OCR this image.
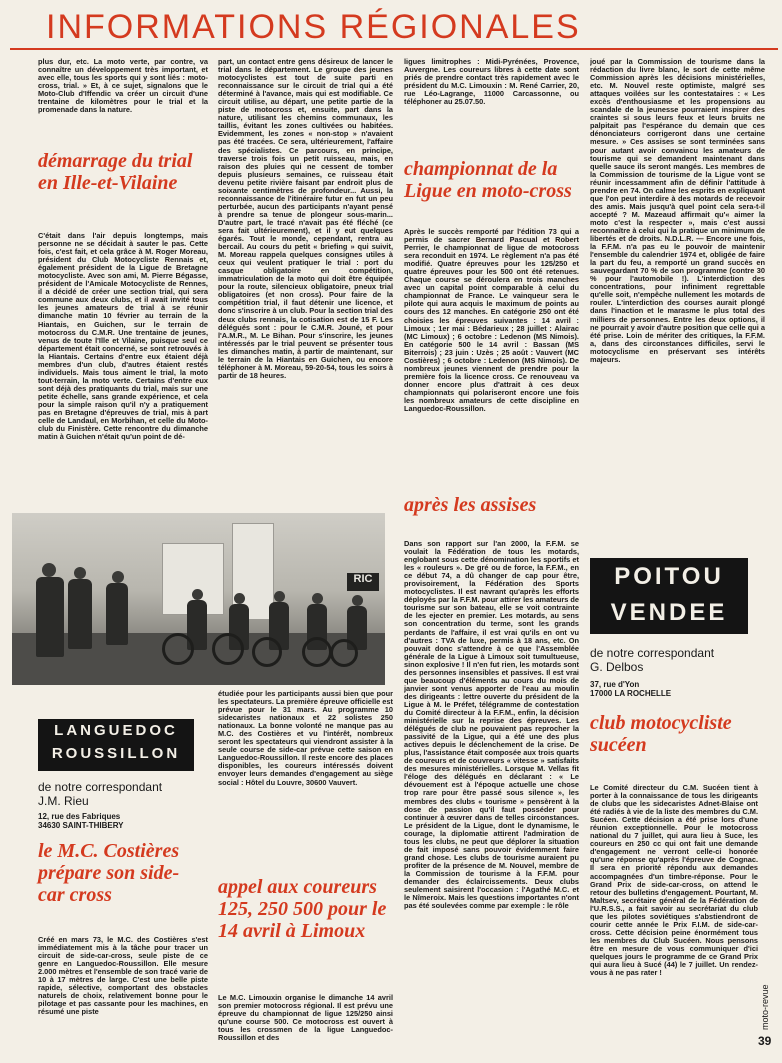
INFORMATIONS RÉGIONALES
plus dur, etc. La moto verte, par contre, va connaître un développement très important, et avec elle, tous les sports qui y sont liés : moto-cross, trial. » Et, à ce sujet, signalons que le Moto-Club d'Iffendic va créer un circuit d'une trentaine de kilomètres pour le trial et la promenade dans la nature.
démarrage du trial en Ille-et-Vilaine
C'était dans l'air depuis longtemps, mais personne ne se décidait à sauter le pas. Cette fois, c'est fait, et cela grâce à M. Roger Moreau, président du Club Motocycliste Rennais et, également président de la Ligue de Bretagne motocycliste. Avec son ami, M. Pierre Bégasse, président de l'Amicale Motocycliste de Rennes, il a décidé de créer une section trial, qui sera commune aux deux clubs, et il avait invité tous les jeunes amateurs de trial à se réunir dimanche matin 10 février au terrain de la Hiantais, en Guichen, sur le terrain de motocross du C.M.R. Une trentaine de jeunes, venus de toute l'Ille et Vilaine, puisque seul ce département était concerné, se sont retrouvés à la Hiantais. Certains d'entre eux étaient déjà membres d'un club, d'autres étaient restés individuels. Mais tous aiment le trial, la moto tout-terrain, la moto verte. Certains d'entre eux sont déjà des pratiquants du trial, mais sur une petite échelle, sans grande expérience, et cela pour la simple raison qu'il n'y a pratiquement pas en Bretagne d'épreuves de trial, mis à part celle de Landaul, en Morbihan, et celle du Moto-club du Finistère. Cette rencontre du dimanche matin à Guichen n'était qu'un point de dé-
part, un contact entre gens désireux de lancer le trial dans le département. Le groupe des jeunes motocyclistes est tout de suite parti en reconnaissance sur le circuit de trial qui a été déterminé à l'avance, mais qui est modifiable. Ce circuit utilise, au départ, une petite partie de la piste de motocross et, ensuite, part dans la nature, utilisant les chemins communaux, les taillis, évitant les zones cultivées ou habitées. Evidemment, les zones « non-stop » n'avaient pas été tracées. Ce sera, ultérieurement, l'affaire des spécialistes. Ce parcours, en principe, traverse trois fois un petit ruisseau, mais, en raison des pluies qui ne cessent de tomber depuis plusieurs semaines, ce ruisseau était devenu petite rivière faisant par endroit plus de soixante centimètres de profondeur... Aussi, la reconnaissance de l'itinéraire futur en fut un peu perturbée, aucun des participants n'ayant pensé à prendre sa tenue de plongeur sous-marin... D'autre part, le tracé n'avait pas été fléché (ce sera fait ultérieurement), et il y eut quelques égarés. Tout le monde, cependant, rentra au bercail. Au cours du petit « briefing » qui suivit, M. Moreau rappela quelques consignes utiles à ceux qui veulent pratiquer le trial : port du casque obligatoire en compétition, immatriculation de la moto qui doit être équipée pour la route, silencieux obligatoire, pneux trial obligatoires (et non cross). Pour faire de la compétition trial, il faut détenir une licence, et donc s'inscrire à un club. Pour la section trial des deux clubs rennais, la cotisation est de 15 F. Les délégués sont : pour le C.M.R. Jouné, et pour l'A.M.R., M. Le Bihan. Pour s'inscrire, les jeunes intéressés par le trial peuvent se présenter tous les dimanches matin, à partir de maintenant, sur le terrain de la Hiantais en Guichen, ou encore téléphoner à M. Moreau, 59-20-54, tous les soirs à partir de 18 heures.
ligues limitrophes : Midi-Pyrénées, Provence, Auvergne. Les coureurs libres à cette date sont priés de prendre contact très rapidement avec le président du M.C. Limouxin : M. René Carrier, 20, rue Léo-Lagrange, 11000 Carcassonne, ou téléphoner au 25.07.50.
championnat de la Ligue en moto-cross
Après le succès remporté par l'édition 73 qui a permis de sacrer Bernard Pascual et Robert Perrier, le championnat de ligue de motocross sera reconduit en 1974. Le règlement n'a pas été modifié. Quatre épreuves pour les 125/250 et quatre épreuves pour les 500 ont été retenues. Chaque course se déroulera en trois manches avec un capital point comparable à celui du championnat de France. Le vainqueur sera le pilote qui aura acquis le maximum de points au cours des 12 manches. En catégorie 250 ont été choisies les épreuves suivantes : 14 avril : Limoux ; 1er mai : Bédarieux ; 28 juillet : Alairac (MC Limoux) ; 6 octobre : Ledenon (MS Nimois). En catégorie 500 le 14 avril : Bassan (MS Biterrois) ; 23 juin : Uzès ; 25 août : Vauvert (MC Costières) ; 6 octobre : Ledenon (MS Nimois). De nombreux jeunes viennent de prendre pour la première fois la licence cross. Ce renouveau va donner encore plus d'attrait à ces deux championnats qui polariseront encore une fois les nombreux amateurs de cette discipline en Languedoc-Roussillon.
après les assises
Dans son rapport sur l'an 2000, la F.F.M. se voulait la Fédération de tous les motards, englobant sous cette dénomination les sportifs et les « rouleurs ». De gré ou de force, la F.F.M., en ce début 74, a dû changer de cap pour être, provisoirement, la Fédération des Sports motocyclistes. Il est navrant qu'après les efforts déployés par la F.F.M. pour attirer les amateurs de tourisme sur son bateau, elle se voit contrainte de les ejecter en premier. Les motards, au sens son concentration du terme, sont les grands perdants de l'affaire, il est vrai qu'ils en ont vu d'autres : TVA de luxe, permis à 18 ans, etc. On pouvait donc s'attendre à ce que l'Assemblée générale de la Ligue à Limoux soit tumultueuse, sinon explosive ! Il n'en fut rien, les motards sont des personnes insensibles et passives. Il est vrai que beaucoup d'éléments au cours du mois de janvier sont venus apporter de l'eau au moulin des dirigeants : lettre ouverte du président de la Ligue à M. le Préfet, télégramme de contestation du Comité directeur à la F.F.M., enfin, la décision ministérielle sur la reprise des épreuves. Les délégués de club ne pouvaient pas reprocher la passivité de la Ligue, qui a été une des plus actives depuis le déclenchement de la crise. De plus, l'assistance était composée aux trois quarts de coureurs et de couvreurs « vitesse » satisfaits des mesures ministérielles. Lorsque M. Vellas fit l'éloge des délégués en déclarant : « Le dévouement est à l'époque actuelle une chose trop rare pour être passé sous silence », les membres des clubs « tourisme » pensèrent à la dose de passion qu'il faut posséder pour continuer à œuvrer dans de telles circonstances. Le président de la Ligue, dont le dynamisme, le courage, la diplomatie attirent l'admiration de tous les clubs, ne peut que déplorer la situation de fait imposé sans pouvoir évidemment faire grand chose. Les clubs de tourisme auraient pu profiter de la présence de M. Nouvel, membre de la Commission de tourisme à la F.F.M. pour demander des éclaircissements. Deux clubs seulement saisirent l'occasion : l'Agathé M.C. et le Nîmeroix. Mais les questions importantes n'ont pas été soulevées comme par exemple : le rôle
joué par la Commission de tourisme dans la rédaction du livre blanc, le sort de cette même Commission après les décisions ministérielles, etc. M. Nouvel reste optimiste, malgré ses attaques voilées sur les contestataires : « Les excès d'enthousiasme et les propensions au scandale de la jeunesse pourraient inspirer des craintes si sous leurs feux et leurs bruits ne palpitait pas l'espérance du demain que ces dénonciateurs corrigeront dans une certaine mesure. » Ces assises se sont terminées sans pour autant avoir convaincu les amateurs de tourisme qui se demandent maintenant dans quelle sauce ils seront mangés. Les membres de la Commission de tourisme de la Ligue vont se réunir incessamment afin de définir l'attitude à prendre en 74. On calme les esprits en expliquant que l'on peut interdire à des motards de recevoir des amis. Mais jusqu'à quel point cela sera-t-il accepté ? M. Mazeaud affirmait qu'« aimer la moto c'est la respecter », mais c'est aussi reconnaître à celui qui la pratique un minimum de libertés et de droits. N.D.L.R. — Encore une fois, la F.F.M. n'a pas eu le pouvoir de maintenir l'ensemble du calendrier 1974 et, obligée de faire la part du feu, a remporté un grand succès en sauvegardant 70 % de son programme (contre 30 % pour l'automobile !). L'interdiction des concentrations, pour infiniment regrettable qu'elle soit, n'empêche nullement les motards de rouler. L'interdiction des courses aurait plongé dans l'inaction et le marasme le plus total des milliers de personnes. Entre les deux options, il ne pourrait y avoir d'autre position que celle qui a été prise. Loin de mériter des critiques, la F.F.M. a, dans des circonstances difficiles, servi le motocyclisme en préservant ses intérêts majeurs.
RIC
LANGUEDOC
ROUSSILLON
de notre correspondant
J.M. Rieu
12, rue des Fabriques
34630 SAINT-THIBERY
le M.C. Costières prépare son side-car cross
Créé en mars 73, le M.C. des Costières s'est immédiatement mis à la tâche pour tracer un circuit de side-car-cross, seule piste de ce genre en Languedoc-Roussillon. Elle mesure 2.000 mètres et l'ensemble de son tracé varie de 10 à 17 mètres de large. C'est une belle piste rapide, sélective, comportant des obstacles naturels de choix, relativement bonne pour le pilotage et pas cassante pour les machines, en résumé une piste
étudiée pour les participants aussi bien que pour les spectateurs. La première épreuve officielle est prévue pour le 31 mars. Au programme 10 sidecaristes nationaux et 22 solistes 250 nationaux. La bonne volonté ne manque pas au M.C. des Costières et vu l'intérêt, nombreux seront les spectateurs qui viendront assister à la seule course de side-car prévue cette saison en Languedoc-Roussillon. Il reste encore des places disponibles, les coureurs intéressés doivent envoyer leurs demandes d'engagement au siège social : Hôtel du Louvre, 30600 Vauvert.
appel aux coureurs 125, 250 500 pour le 14 avril à Limoux
Le M.C. Limouxin organise le dimanche 14 avril son premier motocross régional. Il est prévu une épreuve du championnat de ligue 125/250 ainsi qu'une course 500. Ce motocross est ouvert à tous les crossmen de la ligue Languedoc-Roussillon et des
POITOU
VENDEE
de notre correspondant
G. Delbos
37, rue d'Yon
17000 LA ROCHELLE
club motocycliste sucéen
Le Comité directeur du C.M. Sucéen tient à porter à la connaissance de tous les dirigeants de clubs que les sidecaristes Adnet-Blaise ont été radiés à vie de la liste des membres du C.M. Sucéen. Cette décision a été prise lors d'une réunion exceptionnelle. Pour le motocross national du 7 juillet, qui aura lieu à Suce, les coureurs en 250 cc qui ont fait une demande d'engagement ne verront celle-ci honorée qu'une réponse qu'après l'épreuve de Cognac. Il sera en priorité répondu aux demandes accompagnées d'un timbre-réponse. Pour le Grand Prix de side-car-cross, on attend le retour des bulletins d'engagement. Pourtant, M. Maltsev, secrétaire général de la Fédération de l'U.R.S.S., a fait savoir au secrétariat du club que les pilotes soviétiques s'abstiendront de courir cette année le Prix F.I.M. de side-car-cross. Cette décision peine énormément tous les membres du Club Sucéen. Nous pensons être en mesure de vous communiquer d'ici quelques jours le programme de ce Grand Prix qui aura lieu à Sucé (44) le 7 juillet. Un rendez-vous à ne pas rater !
moto-revue
39
